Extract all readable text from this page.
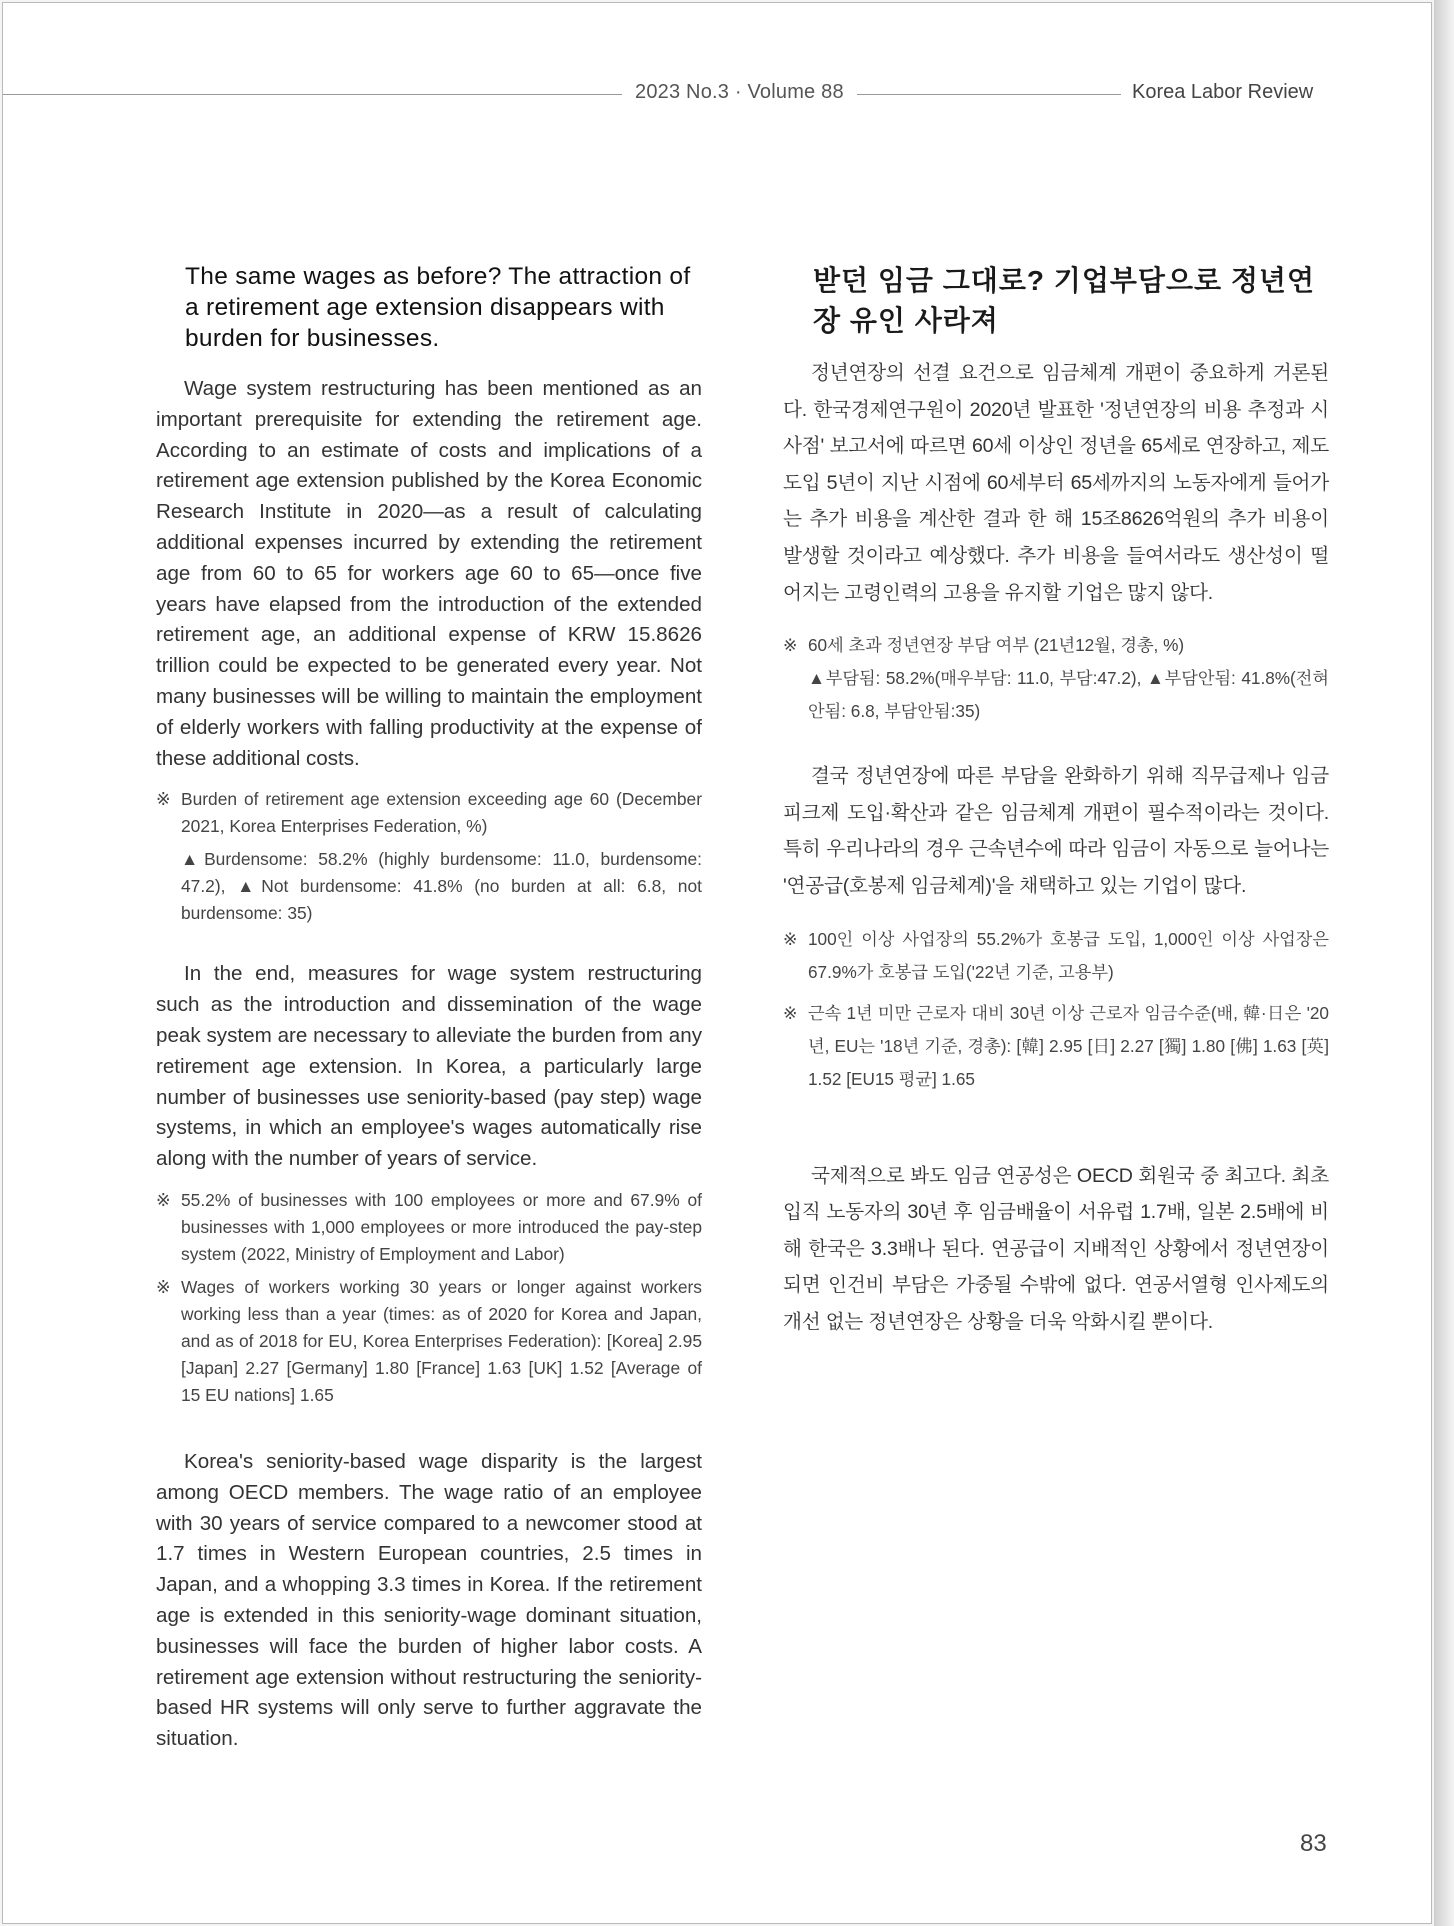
2023 No.3 · Volume 88	Korea Labor Review
The same wages as before? The attraction of a retirement age extension disappears with burden for businesses.

Wage system restructuring has been mentioned as an important prerequisite for extending the retirement age. According to an estimate of costs and implications of a retirement age extension published by the Korea Economic Research Institute in 2020—as a result of calculating additional expenses incurred by extending the retirement age from 60 to 65 for workers age 60 to 65—once five years have elapsed from the introduction of the extended retirement age, an additional expense of KRW 15.8626 trillion could be expected to be generated every year. Not many businesses will be willing to maintain the employment of elderly workers with falling productivity at the expense of these additional costs.

※ Burden of retirement age extension exceeding age 60 (December 2021, Korea Enterprises Federation, %)

▲Burdensome: 58.2% (highly burdensome: 11.0, burdensome: 47.2), ▲Not burdensome: 41.8% (no burden at all: 6.8, not burdensome: 35)

In the end, measures for wage system restructuring such as the introduction and dissemination of the wage peak system are necessary to alleviate the burden from any retirement age extension. In Korea, a particularly large number of businesses use seniority-based (pay step) wage systems, in which an employee's wages automatically rise along with the number of years of service.

※ 55.2% of businesses with 100 employees or more and 67.9% of businesses with 1,000 employees or more introduced the pay-step system (2022, Ministry of Employment and Labor)
※ Wages of workers working 30 years or longer against workers working less than a year (times: as of 2020 for Korea and Japan, and as of 2018 for EU, Korea Enterprises Federation): [Korea] 2.95 [Japan] 2.27 [Germany] 1.80 [France] 1.63 [UK] 1.52 [Average of 15 EU nations] 1.65

Korea's seniority-based wage disparity is the largest among OECD members. The wage ratio of an employee with 30 years of service compared to a newcomer stood at 1.7 times in Western European countries, 2.5 times in Japan, and a whopping 3.3 times in Korea. If the retirement age is extended in this seniority-wage dominant situation, businesses will face the burden of higher labor costs. A retirement age extension without restructuring the seniority-based HR systems will only serve to further aggravate the situation.

받던 임금 그대로? 기업부담으로 정년연장 유인 사라져

정년연장의 선결 요건으로 임금체계 개편이 중요하게 거론된다. 한국경제연구원이 2020년 발표한 '정년연장의 비용 추정과 시사점' 보고서에 따르면 60세 이상인 정년을 65세로 연장하고, 제도 도입 5년이 지난 시점에 60세부터 65세까지의 노동자에게 들어가는 추가 비용을 계산한 결과 한 해 15조8626억원의 추가 비용이 발생할 것이라고 예상했다. 추가 비용을 들여서라도 생산성이 떨어지는 고령인력의 고용을 유지할 기업은 많지 않다.

※ 60세 초과 정년연장 부담 여부 (21년12월, 경총, %)

▲부담됨: 58.2%(매우부담: 11.0, 부담:47.2), ▲부담안됨: 41.8%(전혀안됨: 6.8, 부담안됨:35)

결국 정년연장에 따른 부담을 완화하기 위해 직무급제나 임금피크제 도입·확산과 같은 임금체계 개편이 필수적이라는 것이다. 특히 우리나라의 경우 근속년수에 따라 임금이 자동으로 늘어나는 '연공급(호봉제 임금체계)'을 채택하고 있는 기업이 많다.

※ 100인 이상 사업장의 55.2%가 호봉급 도입, 1,000인 이상 사업장은 67.9%가 호봉급 도입('22년 기준, 고용부)
※ 근속 1년 미만 근로자 대비 30년 이상 근로자 임금수준(배, 韓·日은 '20년, EU는 '18년 기준, 경총): [韓] 2.95 [日] 2.27 [獨] 1.80 [佛] 1.63 [英] 1.52 [EU15 평균] 1.65

국제적으로 봐도 임금 연공성은 OECD 회원국 중 최고다. 최초 입직 노동자의 30년 후 임금배율이 서유럽 1.7배, 일본 2.5배에 비해 한국은 3.3배나 된다. 연공급이 지배적인 상황에서 정년연장이되면 인건비 부담은 가중될 수밖에 없다. 연공서열형 인사제도의 개선 없는 정년연장은 상황을 더욱 악화시킬 뿐이다.

83
